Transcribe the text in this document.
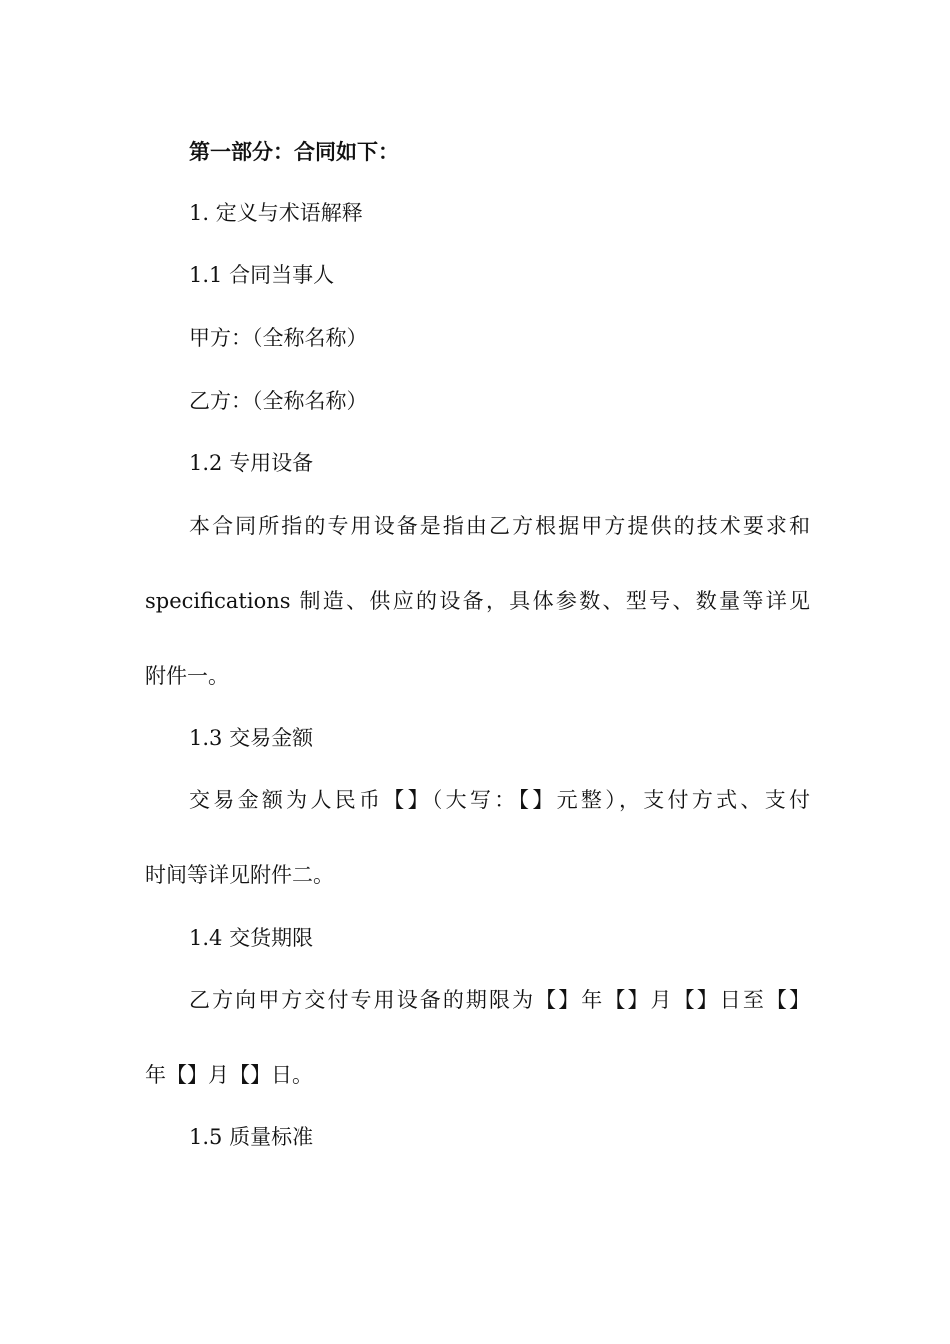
第一部分：合同如下：
1. 定义与术语解释
1.1 合同当事人
甲方：（全称名称）
乙方：（全称名称）
1.2 专用设备
本合同所指的专用设备是指由乙方根据甲方提供的技术要求和
specifications 制造、供应的设备，具体参数、型号、数量等详见
附件一。
1.3 交易金额
交易金额为人民币【】（大写：【】元整），支付方式、支付
时间等详见附件二。
1.4 交货期限
乙方向甲方交付专用设备的期限为【】年【】月【】日至【】
年【】月【】日。
1.5 质量标准
